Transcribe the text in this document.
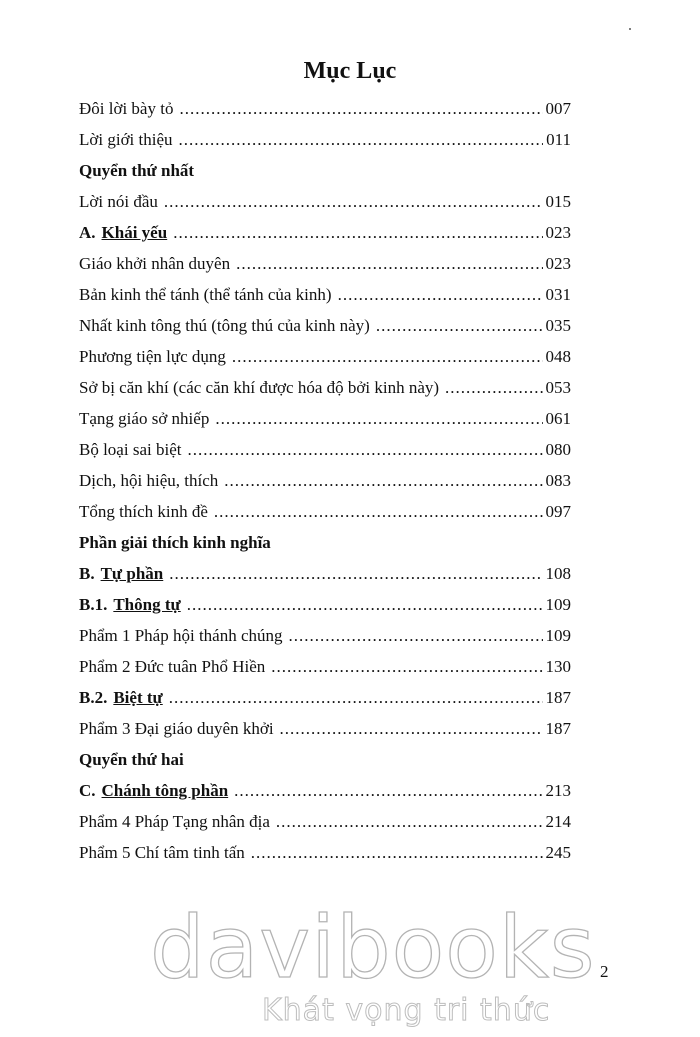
Mục Lục
Đôi lời bày tỏ .....	007
Lời giới thiệu .....	011
Quyển thứ nhất
Lời nói đầu .....	015
A. Khái yếu .....	023
Giáo khởi nhân duyên .....	023
Bản kinh thể tánh (thể tánh của kinh) .....	031
Nhất kinh tông thú (tông thú của kinh này) .....	035
Phương tiện lực dụng .....	048
Sở bị căn khí (các căn khí được hóa độ bởi kinh này) .....	053
Tạng giáo sở nhiếp .....	061
Bộ loại sai biệt .....	080
Dịch, hội hiệu, thích .....	083
Tổng thích kinh đề .....	097
Phần giải thích kinh nghĩa
B. Tự phần .....	108
B.1. Thông tự .....	109
Phẩm 1 Pháp hội thánh chúng .....	109
Phẩm 2 Đức tuân Phổ Hiền .....	130
B.2. Biệt tự .....	187
Phẩm 3 Đại giáo duyên khởi .....	187
Quyển thứ hai
C. Chánh tông phần .....	213
Phẩm 4 Pháp Tạng nhân địa .....	214
Phẩm 5 Chí tâm tinh tấn .....	245
2
davibooks
Khát vọng tri thức
